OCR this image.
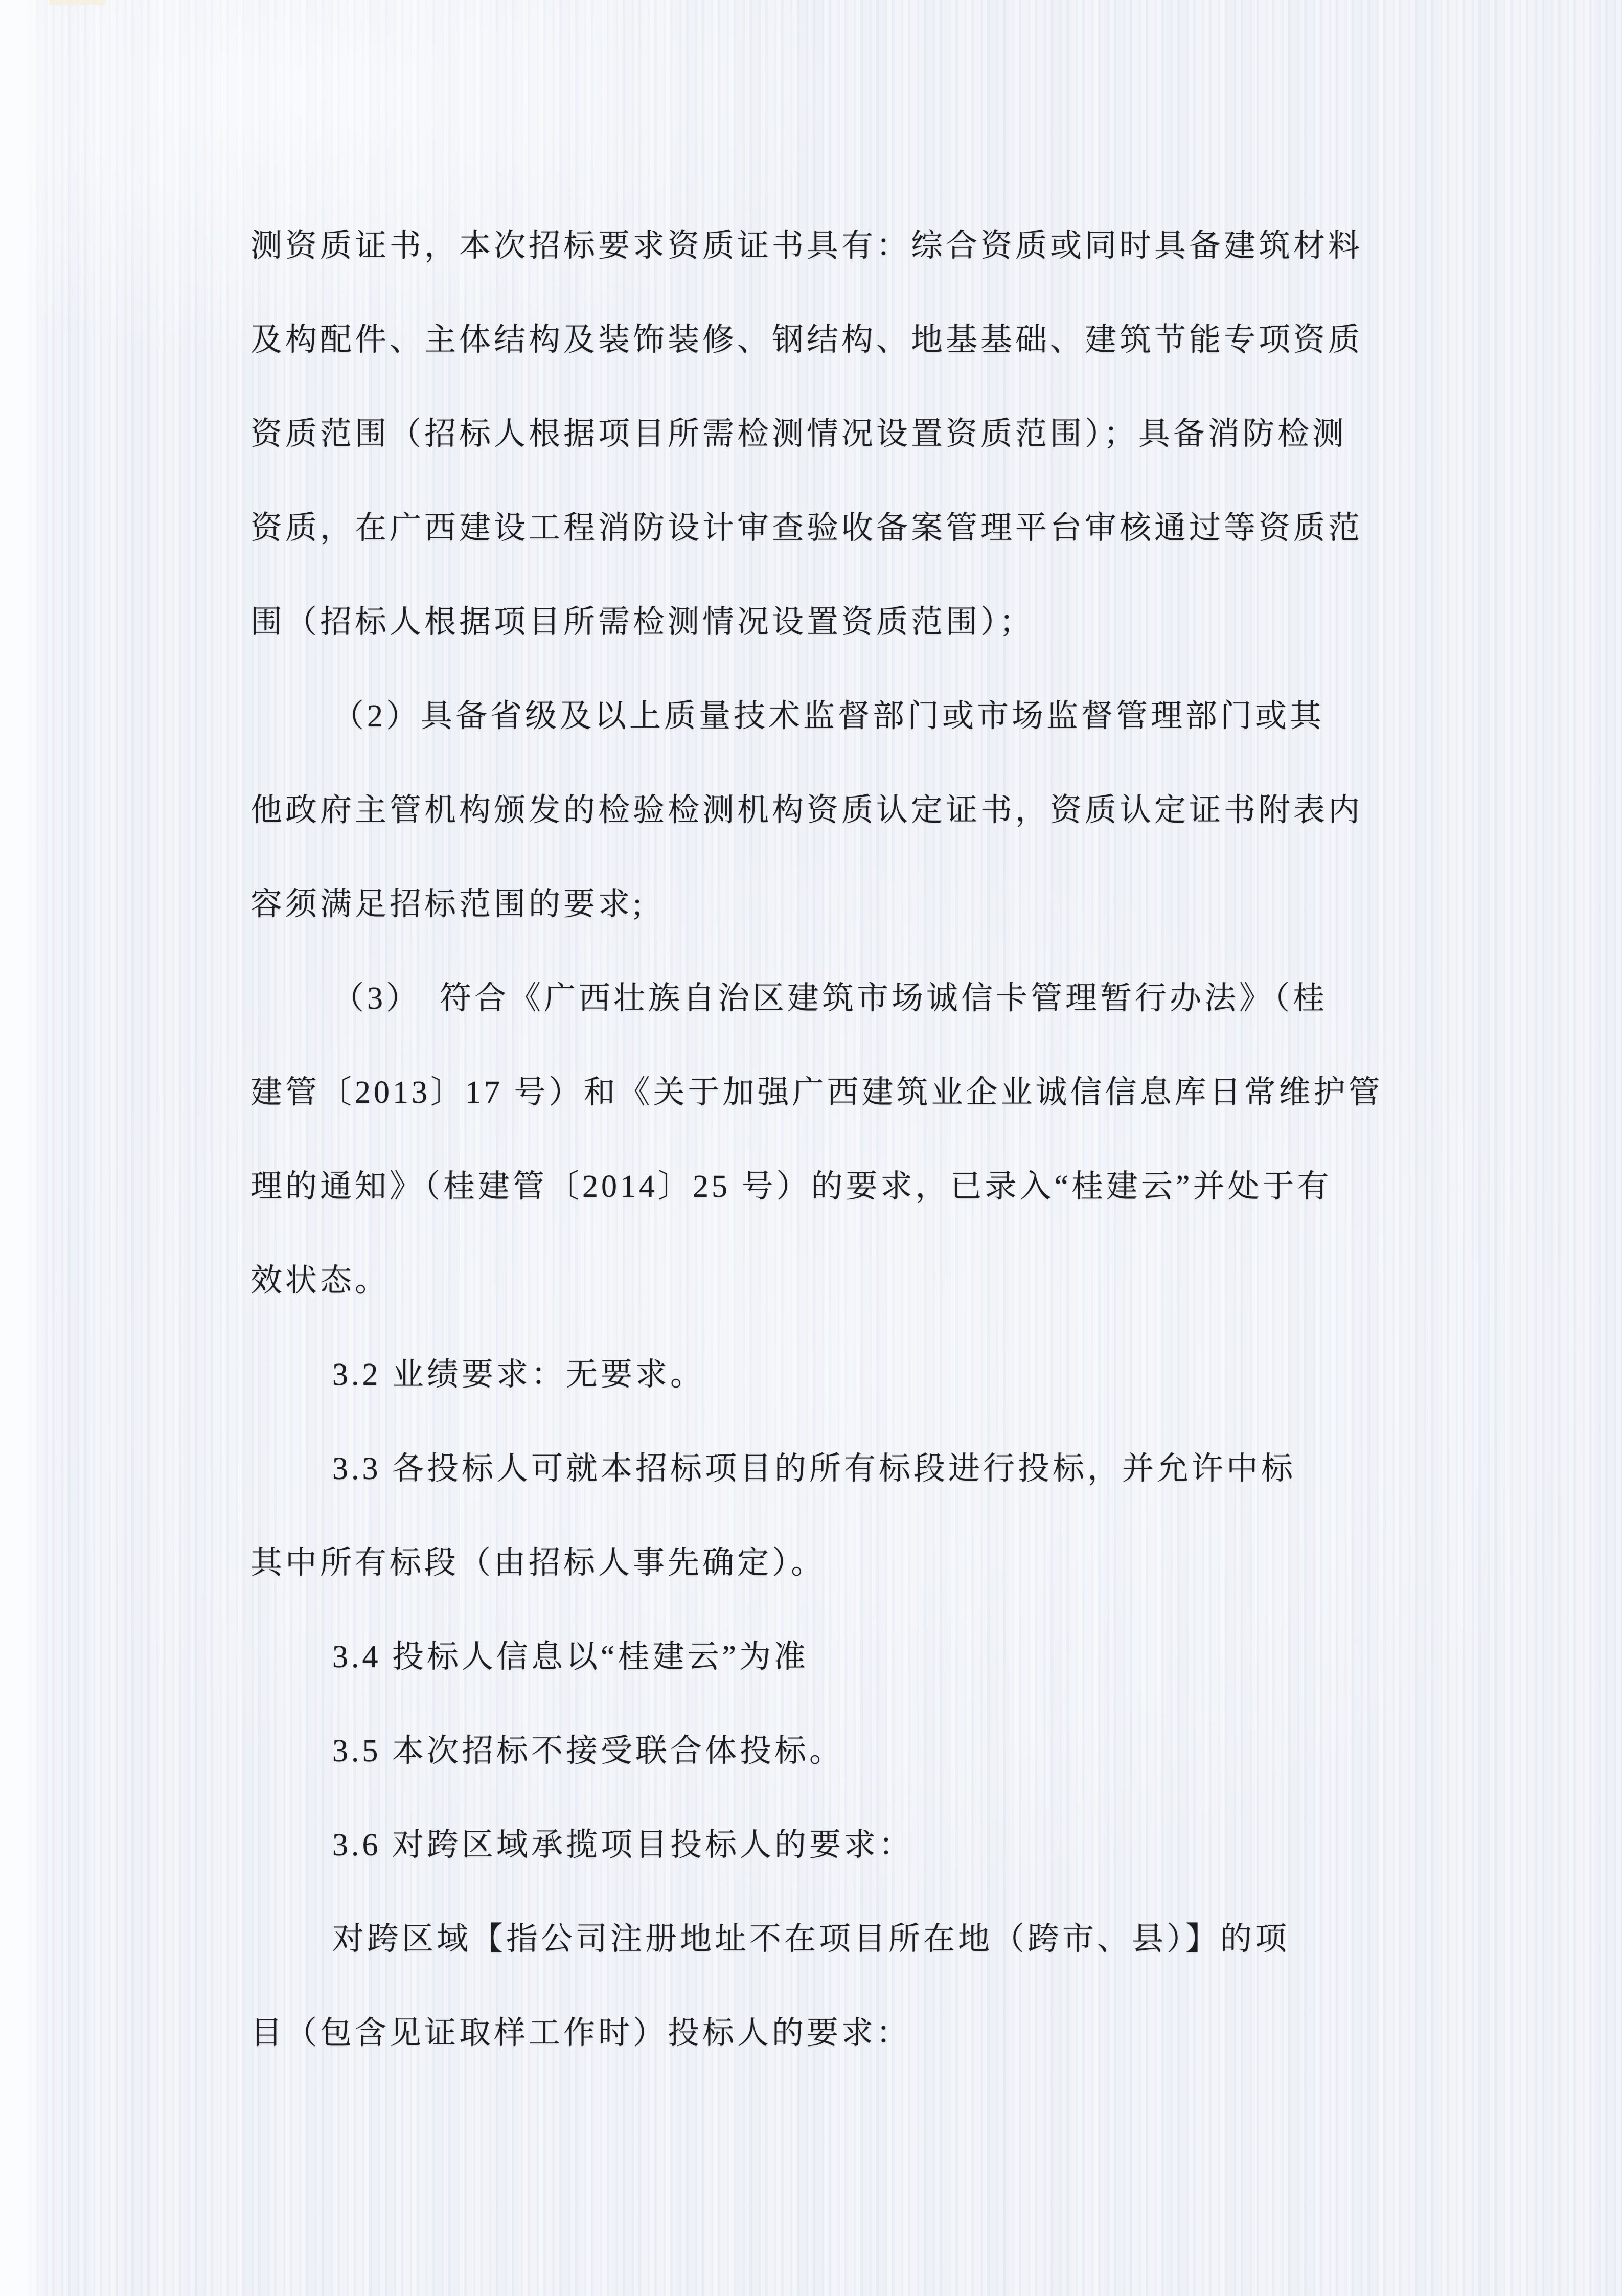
测资质证书，本次招标要求资质证书具有：综合资质或同时具备建筑材料
及构配件、主体结构及装饰装修、钢结构、地基基础、建筑节能专项资质
资质范围（招标人根据项目所需检测情况设置资质范围）；具备消防检测
资质，在广西建设工程消防设计审查验收备案管理平台审核通过等资质范
围（招标人根据项目所需检测情况设置资质范围）；
（2）具备省级及以上质量技术监督部门或市场监督管理部门或其
他政府主管机构颁发的检验检测机构资质认定证书，资质认定证书附表内
容须满足招标范围的要求;
（3）　符合《广西壮族自治区建筑市场诚信卡管理暂行办法》（桂
建管〔2013〕17 号）和《关于加强广西建筑业企业诚信信息库日常维护管
理的通知》（桂建管〔2014〕25 号）的要求，已录入“桂建云”并处于有
效状态。
3.2 业绩要求：无要求。
3.3 各投标人可就本招标项目的所有标段进行投标，并允许中标
其中所有标段（由招标人事先确定）。
3.4 投标人信息以“桂建云”为准
3.5 本次招标不接受联合体投标。
3.6 对跨区域承揽项目投标人的要求：
对跨区域【指公司注册地址不在项目所在地（跨市、县）】的项
目（包含见证取样工作时）投标人的要求：
